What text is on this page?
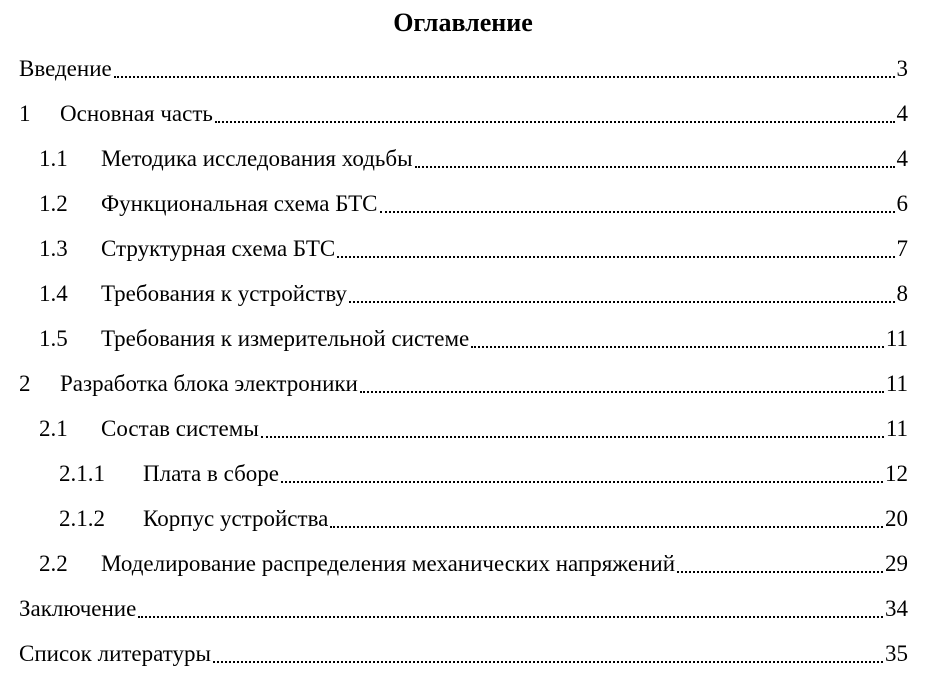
Оглавление
Введение	3
1	Основная часть	4
1.1	Методика исследования ходьбы	4
1.2	Функциональная схема БТС	6
1.3	Структурная схема БТС	7
1.4	Требования к устройству	8
1.5	Требования к измерительной системе	11
2	Разработка блока электроники	11
2.1	Состав системы	11
2.1.1	Плата в сборе	12
2.1.2	Корпус устройства	20
2.2	Моделирование распределения механических напряжений	29
Заключение	34
Список литературы	35
